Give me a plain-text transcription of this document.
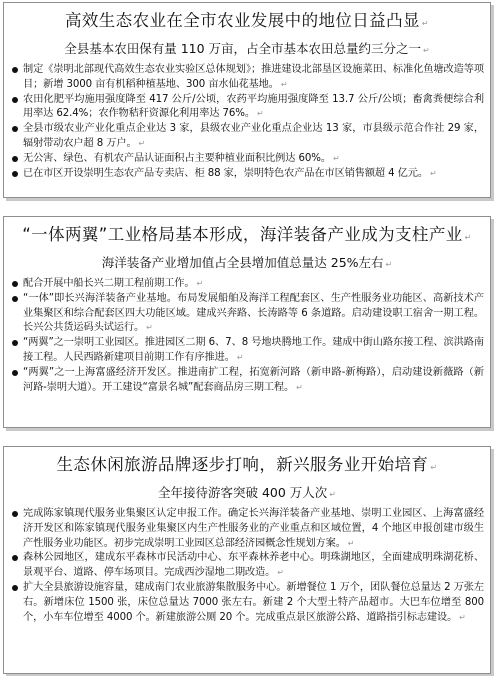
高效生态农业在全市农业发展中的地位日益凸显 ↵
全县基本农田保有量 110 万亩，占全市基本农田总量约三分之一 ↵
制定《崇明北部现代高效生态农业实验区总体规划》；推进建设北部垦区设施菜田、标准化鱼塘改造等项目；新增 3000 亩有机稻种植基地、300 亩水仙花基地。 ↵
农田化肥平均施用强度降至 417 公斤/公顷，农药平均施用强度降至 13.7 公斤/公顷；畜禽粪便综合利用率达 62.4%；农作物秸秆资源化利用率达 76%。 ↵
全县市级农业产业化重点企业达 3 家，县级农业产业化重点企业达 13 家，市县级示范合作社 29 家，辐射带动农户超 8 万户。 ↵
无公害、绿色、有机农产品认证面积占主要种植业面积比例达 60%。 ↵
已在市区开设崇明生态农产品专卖店、柜 88 家，崇明特色农产品在市区销售额超 4 亿元。 ↵
“一体两翼”工业格局基本形成，海洋装备产业成为支柱产业 ↵
海洋装备产业增加值占全县增加值总量达 25%左右 ↵
配合开展中船长兴二期工程前期工作。 ↵
“一体”即长兴海洋装备产业基地。布局发展船舶及海洋工程配套区、生产性服务业功能区、高新技术产业集聚区和综合配套区四大功能区域。建成兴奔路、长涛路等 6 条道路。启动建设职工宿舍一期工程。长兴公共货运码头试运行。 ↵
“两翼”之一崇明工业园区。推进园区二期 6、7、8 号地块腾地工作。建成中街山路东接工程、滨洪路南接工程。人民西路新建项目前期工作有序推进。 ↵
“两翼”之一上海富盛经济开发区。推进南扩工程，拓宽新河路（新申路-新梅路），启动建设新薇路（新河路-崇明大道）。开工建设“富景名城”配套商品房三期工程。 ↵
生态休闲旅游品牌逐步打响，新兴服务业开始培育 ↵
全年接待游客突破 400 万人次 ↵
完成陈家镇现代服务业集聚区认定申报工作。确定长兴海洋装备产业基地、崇明工业园区、上海富盛经济开发区和陈家镇现代服务业集聚区内生产性服务业的产业重点和区域位置，4 个地区申报创建市级生产性服务业功能区。初步完成崇明工业园区总部经济园概念性规划方案。 ↵
森林公园地区，建成东平森林市民活动中心、东平森林养老中心。明珠湖地区，全面建成明珠湖花桥、景观平台、道路、停车场项目。完成西沙湿地二期改造。 ↵
扩大全县旅游设施容量，建成南门农业旅游集散服务中心。新增餐位 1 万个，团队餐位总量达 2 万张左右。新增床位 1500 张，床位总量达 7000 张左右。新建 2 个大型土特产品超市。大巴车位增至 800 个，小车车位增至 4000 个。新建旅游公厕 20 个。完成重点景区旅游公路、道路指引标志建设。 ↵
